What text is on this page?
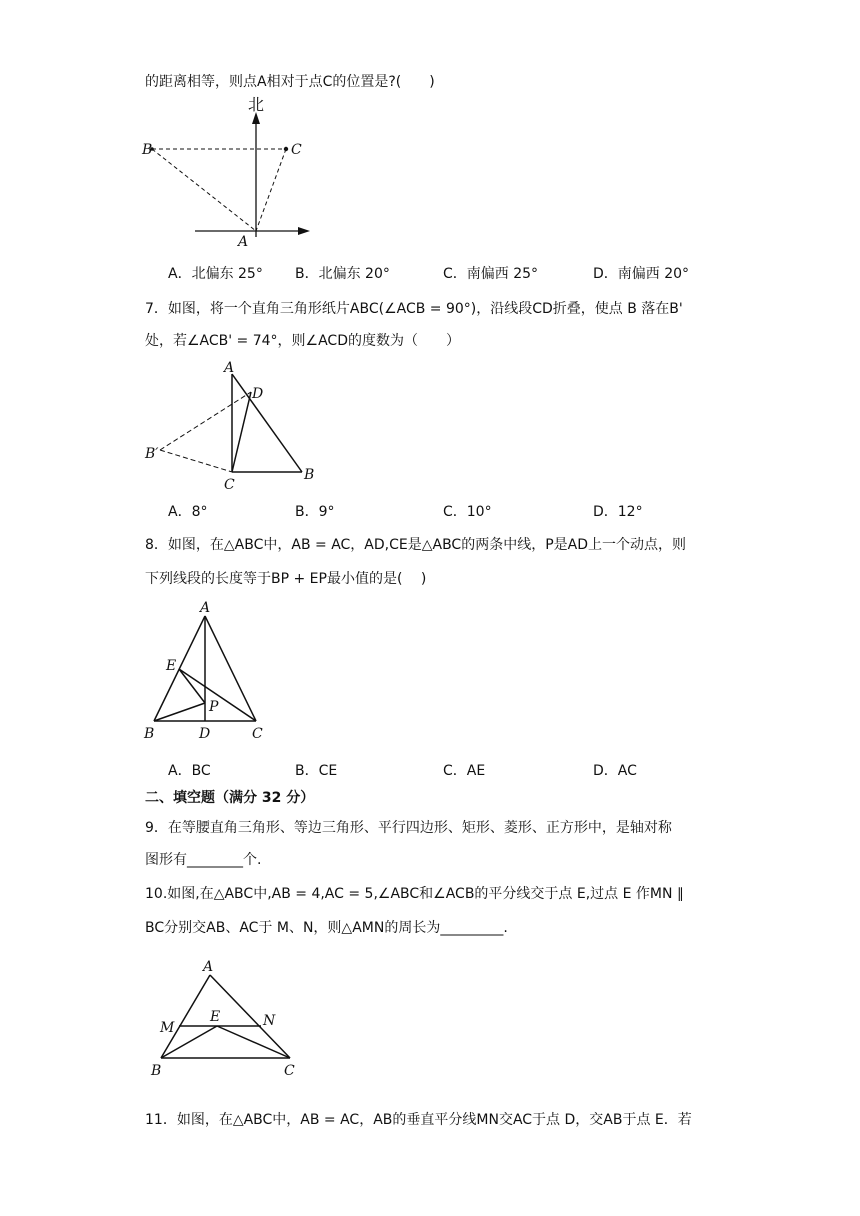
的距离相等，则点A相对于点C的位置是?(　　)
北
B	C
A
A．北偏东 25° B．北偏东 20°	C．南偏西 25°	D．南偏西 20°
7．如图，将一个直角三角形纸片ABC(∠ACB = 90°)，沿线段CD折叠，使点 B 落在B'
处，若∠ACB' = 74°，则∠ACD的度数为（　　）
A
D
B′
C
B
A．8°	B．9°	C．10°	D．12°
8．如图，在△ABC中，AB = AC，AD,CE是△ABC的两条中线，P是AD上一个动点，则
下列线段的长度等于BP + EP最小值的是(　 )
A
E
P
B	D	C
A．BC	B．CE	C．AE	D．AC
二、填空题（满分 32 分）
9．在等腰直角三角形、等边三角形、平行四边形、矩形、菱形、正方形中，是轴对称
图形有________个.
10.如图,在△ABC中,AB = 4,AC = 5,∠ABC和∠ACB的平分线交于点 E,过点 E 作MN ∥
BC分别交AB、AC于 M、N，则△AMN的周长为_________.
A
M
E	N
B	C
11．如图，在△ABC中，AB = AC，AB的垂直平分线MN交AC于点 D，交AB于点 E．若
